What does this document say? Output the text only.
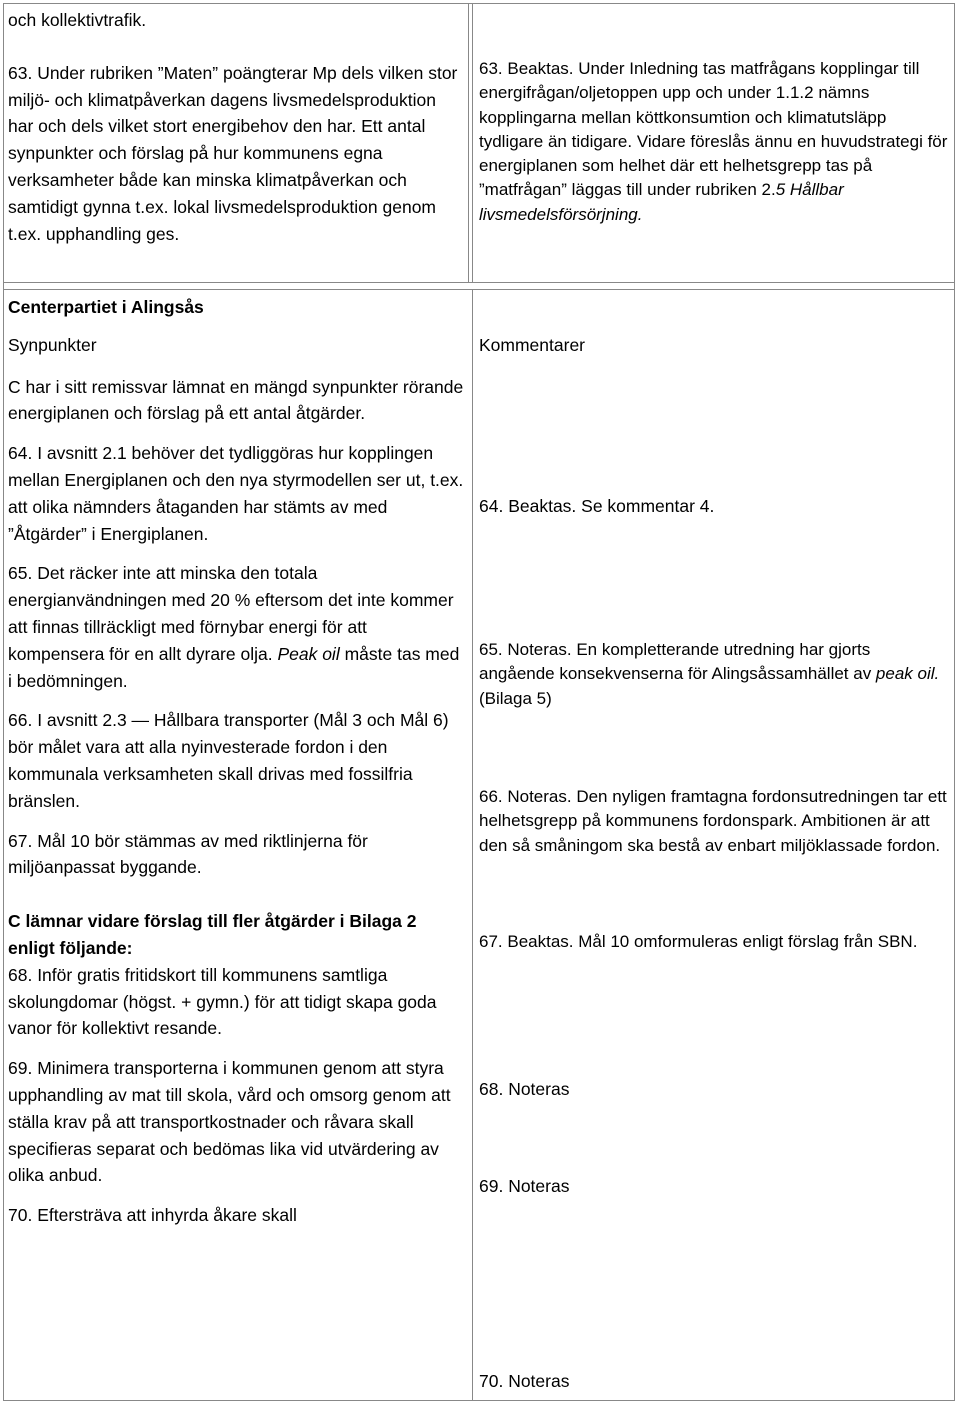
och kollektivtrafik.

63. Under rubriken ”Maten” poängterar Mp dels vilken stor miljö- och klimatpåverkan dagens livsmedelsproduktion har och dels vilket stort energibehov den har. Ett antal synpunkter och förslag på hur kommunens egna verksamheter både kan minska klimatpåverkan och samtidigt gynna t.ex. lokal livsmedelsproduktion genom t.ex. upphandling ges.

63. Beaktas. Under Inledning tas matfrågans kopplingar till energifrågan/oljetoppen upp och under 1.1.2 nämns kopplingarna mellan köttkonsumtion och klimatutsläpp tydligare än tidigare. Vidare föreslås ännu en huvudstrategi för energiplanen som helhet där ett helhetsgrepp tas på ”matfrågan” läggas till under rubriken 2.5 Hållbar livsmedelsförsörjning.

Centerpartiet i Alingsås

Synpunkter

C har i sitt remissvar lämnat en mängd synpunkter rörande energiplanen och förslag på ett antal åtgärder.

64. I avsnitt 2.1 behöver det tydliggöras hur kopplingen mellan Energiplanen och den nya styrmodellen ser ut, t.ex. att olika nämnders åtaganden har stämts av med ”Åtgärder” i Energiplanen.

65. Det räcker inte att minska den totala energianvändningen med 20 % eftersom det inte kommer att finnas tillräckligt med förnybar energi för att kompensera för en allt dyrare olja. Peak oil måste tas med i bedömningen.

66. I avsnitt 2.3 — Hållbara transporter (Mål 3 och Mål 6) bör målet vara att alla nyinvesterade fordon i den kommunala verksamheten skall drivas med fossilfria bränslen.

67. Mål 10 bör stämmas av med riktlinjerna för miljöanpassat byggande.

C lämnar vidare förslag till fler åtgärder i Bilaga 2 enligt följande:

68. Inför gratis fritidskort till kommunens samtliga skolungdomar (högst. + gymn.) för att tidigt skapa goda vanor för kollektivt resande.

69. Minimera transporterna i kommunen genom att styra upphandling av mat till skola, vård och omsorg genom att ställa krav på att transportkostnader och råvara skall specifieras separat och bedömas lika vid utvärdering av olika anbud.

70. Eftersträva att inhyrda åkare skall

Kommentarer
64. Beaktas. Se kommentar 4.
65. Noteras. En kompletterande utredning har gjorts angående konsekvenserna för Alingsåssamhället av peak oil. (Bilaga 5)
66. Noteras. Den nyligen framtagna fordonsutredningen tar ett helhetsgrepp på kommunens fordonspark. Ambitionen är att den så småningom ska bestå av enbart miljöklassade fordon.
67. Beaktas. Mål 10 omformuleras enligt förslag från SBN.
68. Noteras
69. Noteras
70. Noteras
